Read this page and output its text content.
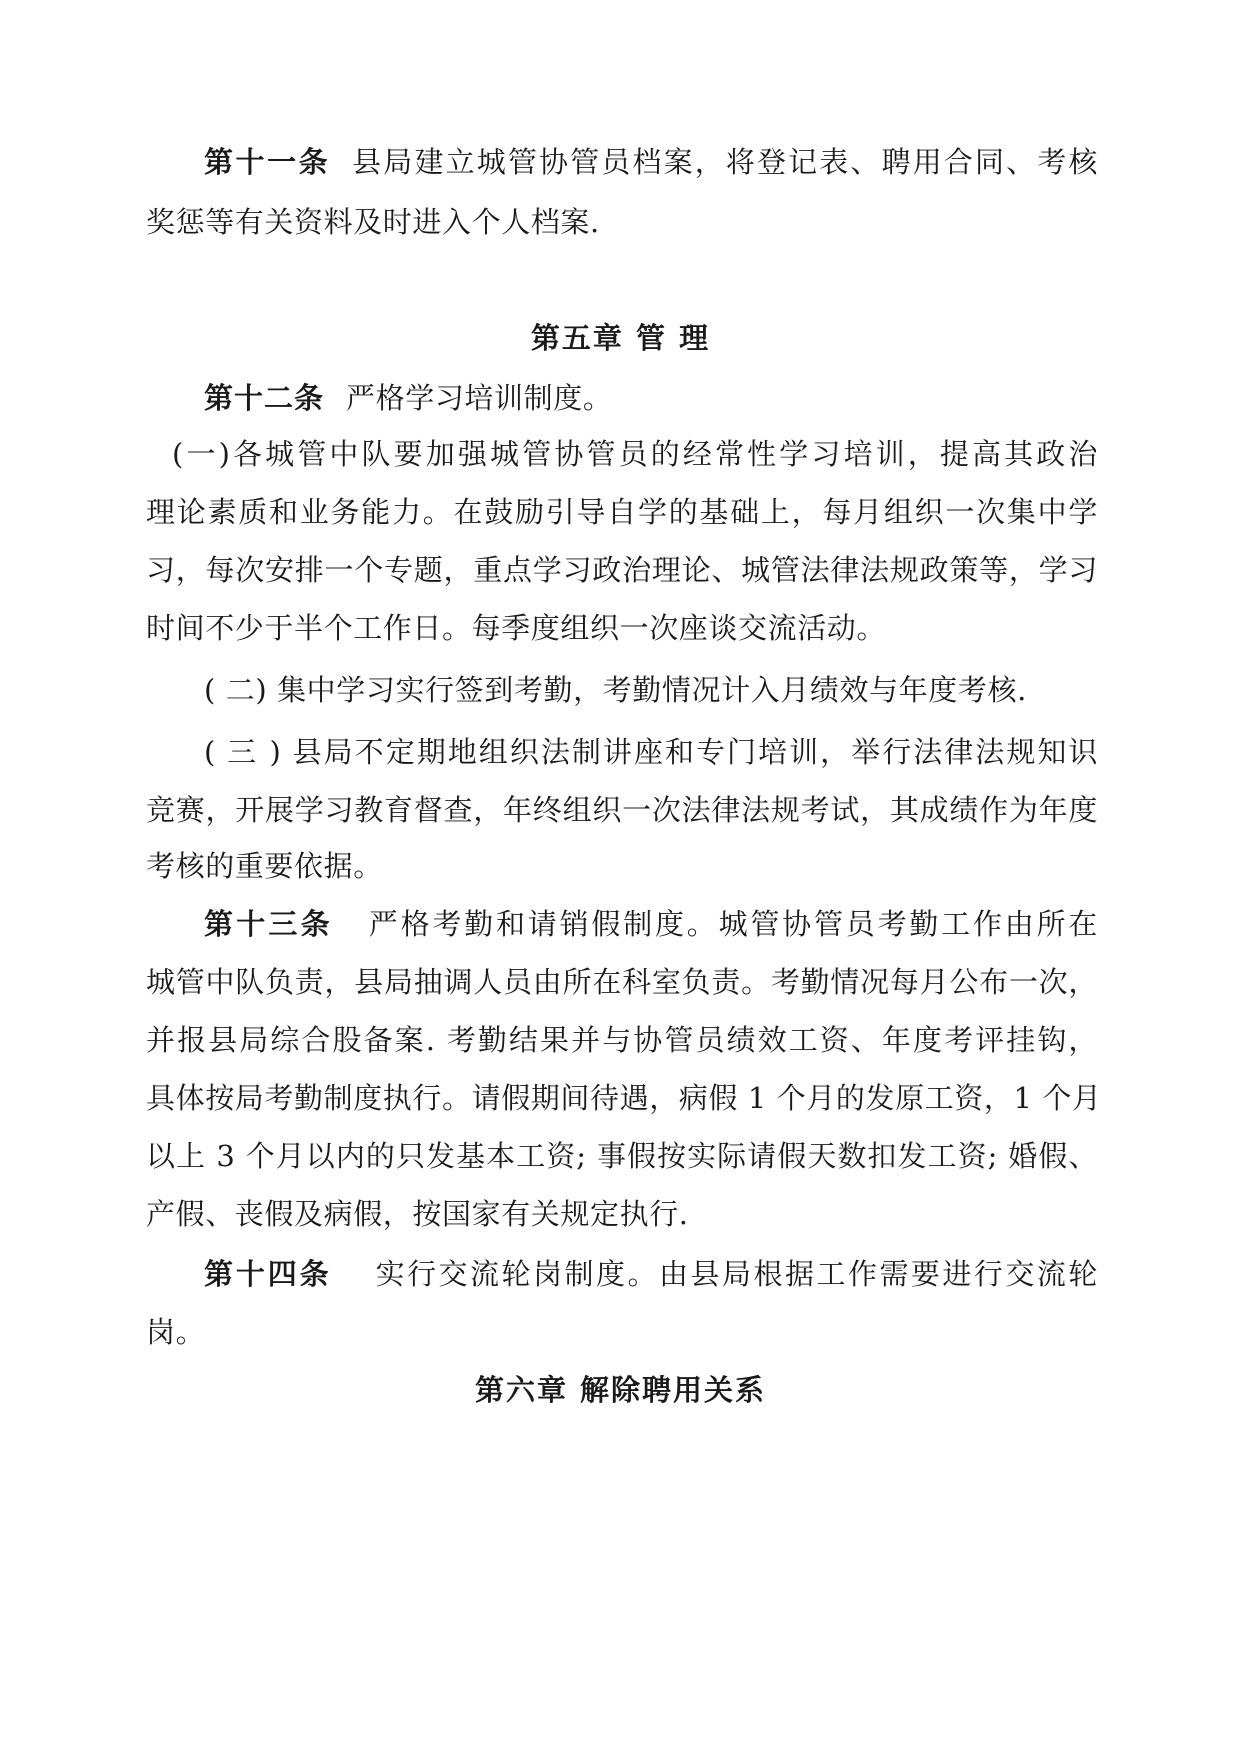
第十一条 县局建立城管协管员档案，将登记表、聘用合同、考核
奖惩等有关资料及时进入个人档案.
第五章 管 理
第十二条 严格学习培训制度。
(一)各城管中队要加强城管协管员的经常性学习培训，提高其政治
理论素质和业务能力。在鼓励引导自学的基础上，每月组织一次集中学
习，每次安排一个专题，重点学习政治理论、城管法律法规政策等，学习
时间不少于半个工作日。每季度组织一次座谈交流活动。
( 二) 集中学习实行签到考勤，考勤情况计入月绩效与年度考核.
( 三 ) 县局不定期地组织法制讲座和专门培训，举行法律法规知识
竞赛，开展学习教育督查，年终组织一次法律法规考试，其成绩作为年度
考核的重要依据。
第十三条 严格考勤和请销假制度。城管协管员考勤工作由所在
城管中队负责，县局抽调人员由所在科室负责。考勤情况每月公布一次，
并报县局综合股备案. 考勤结果并与协管员绩效工资、年度考评挂钩，
具体按局考勤制度执行。请假期间待遇，病假 1 个月的发原工资，1 个月
以上 3 个月以内的只发基本工资; 事假按实际请假天数扣发工资; 婚假、
产假、丧假及病假，按国家有关规定执行.
第十四条 实行交流轮岗制度。由县局根据工作需要进行交流轮
岗。
第六章 解除聘用关系
